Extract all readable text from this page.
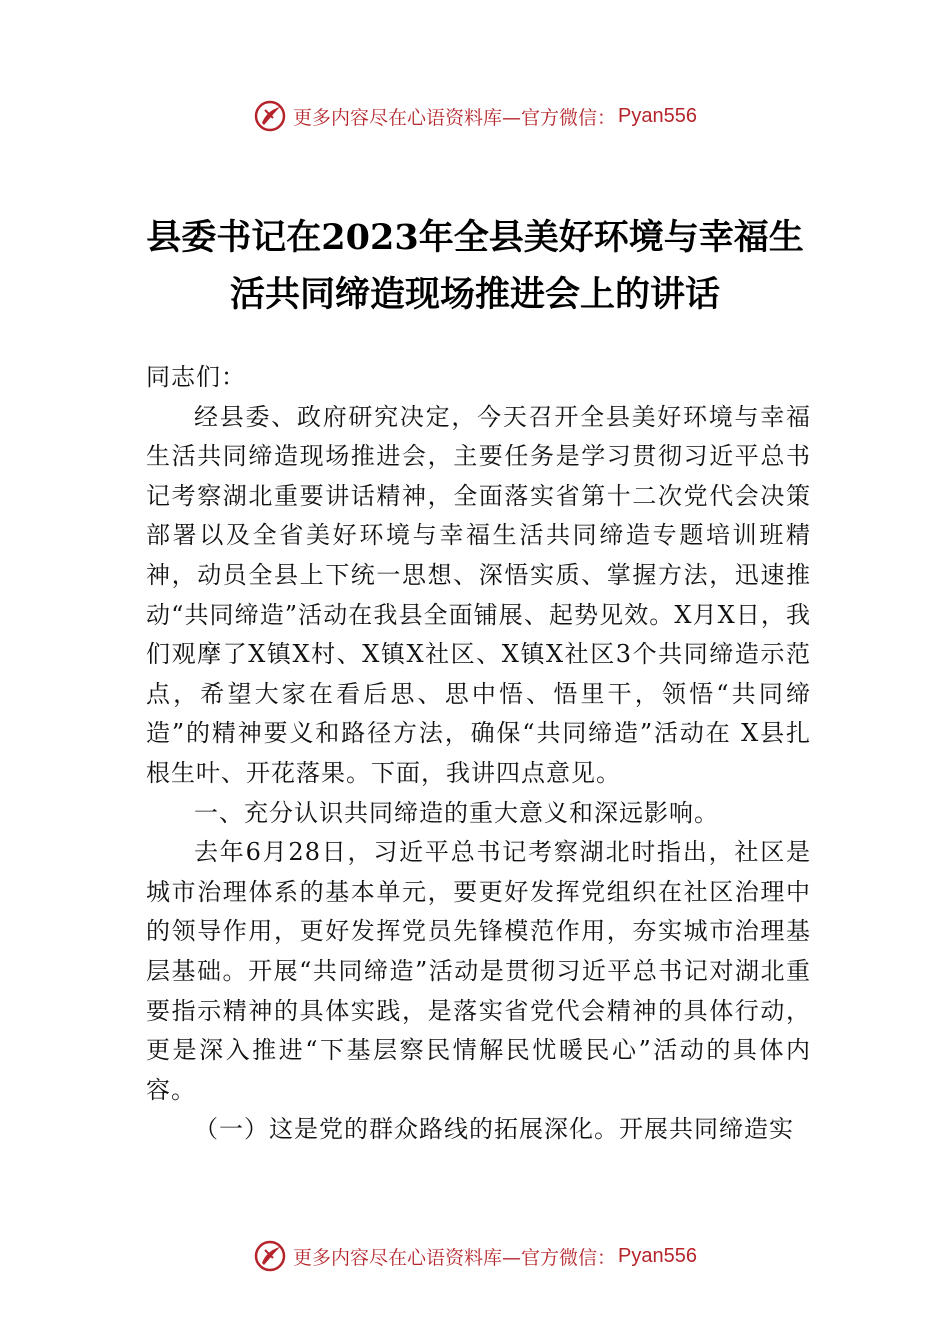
更多内容尽在心语资料库—官方微信： Pyan556
县委书记在2023年全县美好环境与幸福生活共同缔造现场推进会上的讲话

同志们：

经县委、政府研究决定，今天召开全县美好环境与幸福生活共同缔造现场推进会，主要任务是学习贯彻习近平总书记考察湖北重要讲话精神，全面落实省第十二次党代会决策部署以及全省美好环境与幸福生活共同缔造专题培训班精神，动员全县上下统一思想、深悟实质、掌握方法，迅速推动“共同缔造”活动在我县全面铺展、起势见效。X月X日，我们观摩了X镇X村、X镇X社区、X镇X社区3个共同缔造示范点，希望大家在看后思、思中悟、悟里干，领悟“共同缔造”的精神要义和路径方法，确保“共同缔造”活动在 X县扎根生叶、开花落果。下面，我讲四点意见。

一、充分认识共同缔造的重大意义和深远影响。

去年6月28日，习近平总书记考察湖北时指出，社区是城市治理体系的基本单元，要更好发挥党组织在社区治理中的领导作用，更好发挥党员先锋模范作用，夯实城市治理基层基础。开展“共同缔造”活动是贯彻习近平总书记对湖北重要指示精神的具体实践，是落实省党代会精神的具体行动，更是深入推进“下基层察民情解民忧暖民心”活动的具体内容。

（一）这是党的群众路线的拓展深化。开展共同缔造实

更多内容尽在心语资料库—官方微信： Pyan556
